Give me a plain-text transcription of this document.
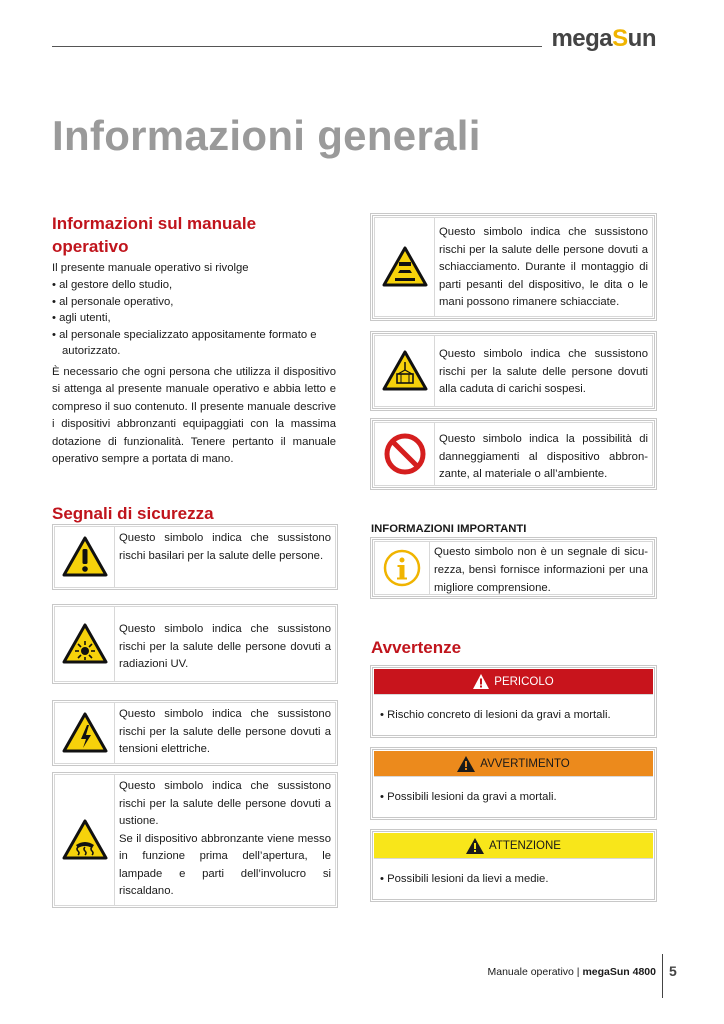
megaSun
Informazioni generali
Informazioni sul manuale
operativo
Il presente manuale operativo si rivolge
• al gestore dello studio,
• al personale operativo,
• agli utenti,
• al personale specializzato appositamente formato e autorizzato.

È necessario che ogni persona che utilizza il dispositivo si attenga al presente manuale operativo e abbia letto e compreso il suo contenuto. Il presente manuale descrive i dispositivi abbronzanti equipaggiati con la massima dotazione di funzionalità. Tenere pertanto il manuale operativo sempre a portata di mano.

Segnali di sicurezza
Questo simbolo indica che sussistono rischi basilari per la salute delle persone.
Questo simbolo indica che sussistono rischi per la salute delle persone dovuti a radiazioni UV.
Questo simbolo indica che sussistono rischi per la salute delle persone dovuti a tensioni elettriche.
Questo simbolo indica che sussistono rischi per la salute delle persone dovuti a ustione.
Se il dispositivo abbronzante viene messo in funzione prima dell’apertura, le lampade e parti dell’involucro si riscaldano.
Questo simbolo indica che sussistono rischi per la salute delle persone dovuti a schiacciamento. Durante il montaggio di parti pesanti del dispositivo, le dita o le mani possono rimanere schiacciate.
Questo simbolo indica che sussistono rischi per la salute delle persone dovuti alla caduta di carichi sospesi.
Questo simbolo indica la possibilità di danneggiamenti al dispositivo abbronzante, al materiale o all’ambiente.
INFORMAZIONI IMPORTANTI
Questo simbolo non è un segnale di sicurezza, bensì fornisce informazioni per una migliore comprensione.
Avvertenze
PERICOLO
• Rischio concreto di lesioni da gravi a mortali.
AVVERTIMENTO
• Possibili lesioni da gravi a mortali.
ATTENZIONE
• Possibili lesioni da lievi a medie.
Manuale operativo | megaSun 4800 5
